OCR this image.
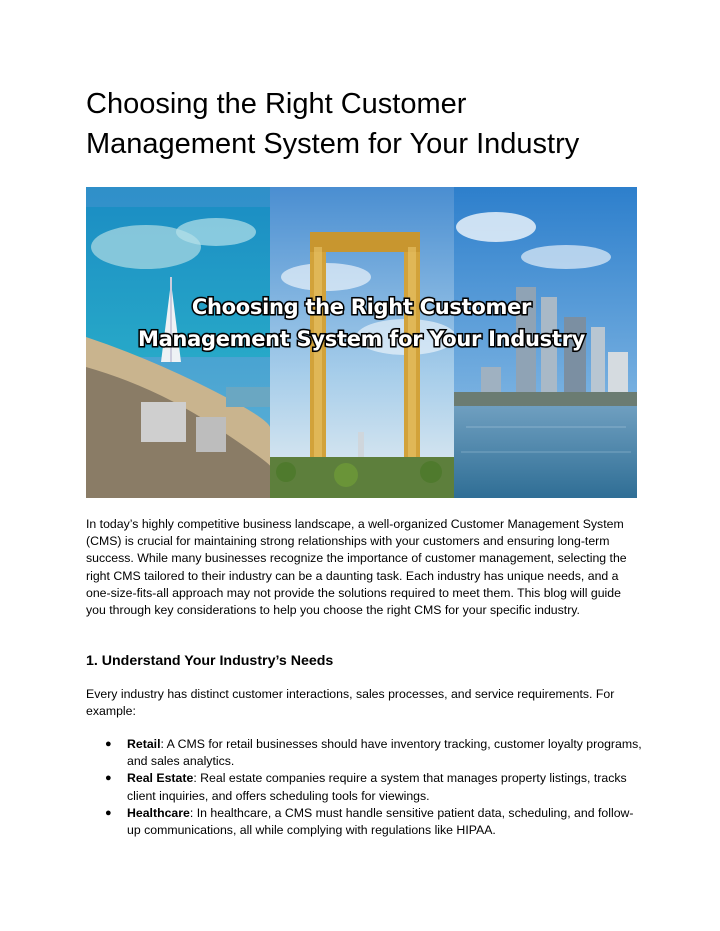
Choosing the Right Customer
Management System for Your Industry
Choosing the Right Customer
Management System for Your Industry

In today’s highly competitive business landscape, a well-organized Customer Management System (CMS) is crucial for maintaining strong relationships with your customers and ensuring long-term success. While many businesses recognize the importance of customer management, selecting the right CMS tailored to their industry can be a daunting task. Each industry has unique needs, and a one-size-fits-all approach may not provide the solutions required to meet them. This blog will guide you through key considerations to help you choose the right CMS for your specific industry.

1. Understand Your Industry’s Needs

Every industry has distinct customer interactions, sales processes, and service requirements. For example:

● Retail: A CMS for retail businesses should have inventory tracking, customer loyalty programs, and sales analytics.
● Real Estate: Real estate companies require a system that manages property listings, tracks client inquiries, and offers scheduling tools for viewings.
● Healthcare: In healthcare, a CMS must handle sensitive patient data, scheduling, and follow-up communications, all while complying with regulations like HIPAA.
